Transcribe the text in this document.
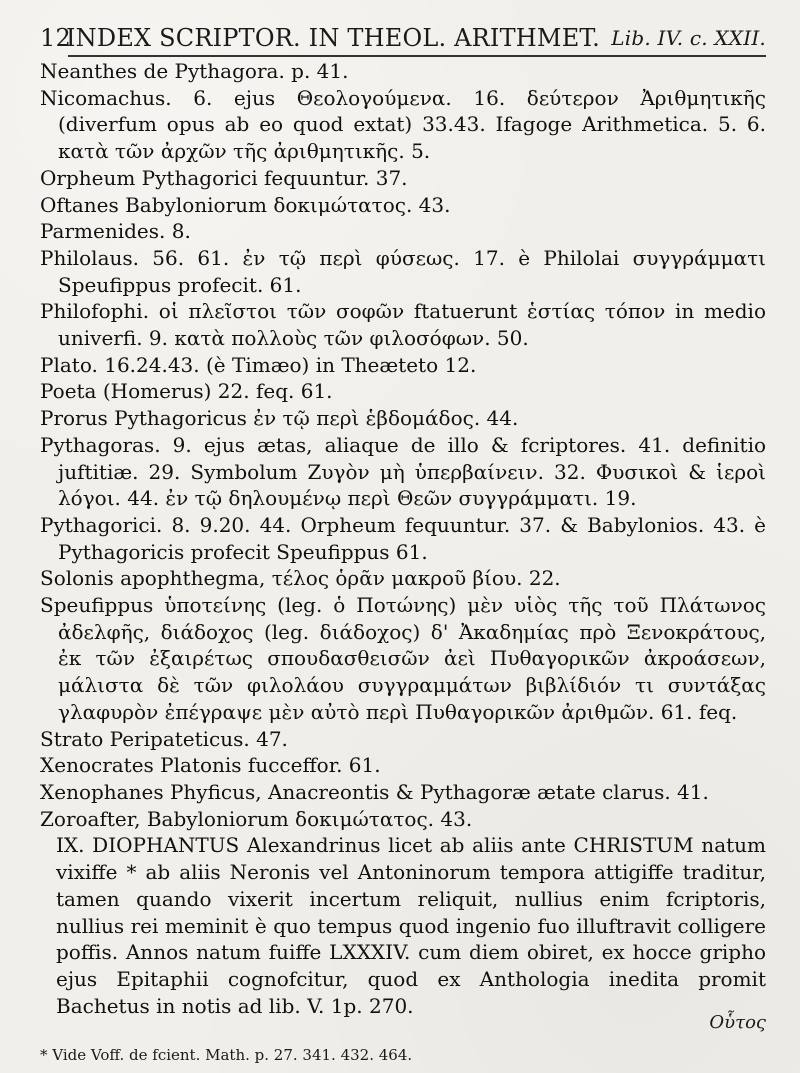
12
INDEX SCRIPTOR. IN THEOL. ARITHMET. Lib. IV. c. XXII.

Neanthes de Pythagora. p. 41.

Nicomachus. 6. ejus Θεολογούμενα. 16. δεύτερον Ἀριθμητικῆς (diverfum opus ab eo quod extat) 33.43. Ifagoge Arithmetica. 5. 6. κατὰ τῶν ἀρχῶν τῆς ἀριθμητικῆς. 5.

Orpheum Pythagorici fequuntur. 37.

Oftanes Babyloniorum δοκιμώτατος. 43.

Parmenides. 8.

Philolaus. 56. 61. ἐν τῷ περὶ φύσεως. 17. è Philolai συγγράμματι Speufippus profecit. 61.

Philofophi. οἱ πλεῖστοι τῶν σοφῶν ftatuerunt ἑστίας τόπον in medio univerfi. 9. κατὰ πολλοὺς τῶν φιλοσόφων. 50.

Plato. 16.24.43. (è Timæo) in Theæteto 12.

Poeta (Homerus) 22. feq. 61.

Prorus Pythagoricus ἐν τῷ περὶ ἑβδομάδος. 44.

Pythagoras. 9. ejus ætas, aliaque de illo & fcriptores. 41. definitio juftitiæ. 29. Symbolum Ζυγὸν μὴ ὑπερβαίνειν. 32. Φυσικοὶ & ἱεροὶ λόγοι. 44. ἐν τῷ δηλουμένῳ περὶ Θεῶν συγγράμματι. 19.

Pythagorici. 8. 9.20. 44. Orpheum fequuntur. 37. & Babylonios. 43. è Pythagoricis profecit Speufippus 61.

Solonis apophthegma, τέλος ὁρᾶν μακροῦ βίου. 22.

Speufippus ὑποτείνης (leg. ὁ Ποτώνης) μὲν υἱὸς τῆς τοῦ Πλάτωνος ἀδελφῆς, διάδοχος (leg. διάδοχος) δ' Ἀκαδημίας πρὸ Ξενοκράτους, ἐκ τῶν ἐξαιρέτως σπουδασθεισῶν ἀεὶ Πυθαγορικῶν ἀκροάσεων, μάλιστα δὲ τῶν φιλολάου συγγραμμάτων βιβλίδιόν τι συντάξας γλαφυρὸν ἐπέγραψε μὲν αὐτὸ περὶ Πυθαγορικῶν ἀριθμῶν. 61. feq.

Strato Peripateticus. 47.

Xenocrates Platonis fucceffor. 61.

Xenophanes Phyficus, Anacreontis & Pythagoræ ætate clarus. 41.

Zoroafter, Babyloniorum δοκιμώτατος. 43.

IX. DIOPHANTUS Alexandrinus licet ab aliis ante CHRISTUM natum vixiffe * ab aliis Neronis vel Antoninorum tempora attigiffe traditur, tamen quando vixerit incertum reliquit, nullius enim fcriptoris, nullius rei meminit è quo tempus quod ingenio fuo illuftravit colligere poffis. Annos natum fuiffe LXXXIV. cum diem obiret, ex hocce gripho ejus Epitaphii cognofcitur, quod ex Anthologia inedita promit Bachetus in notis ad lib. V. 1p. 270.

Οὗτος
* Vide Voff. de fcient. Math. p. 27. 341. 432. 464.
